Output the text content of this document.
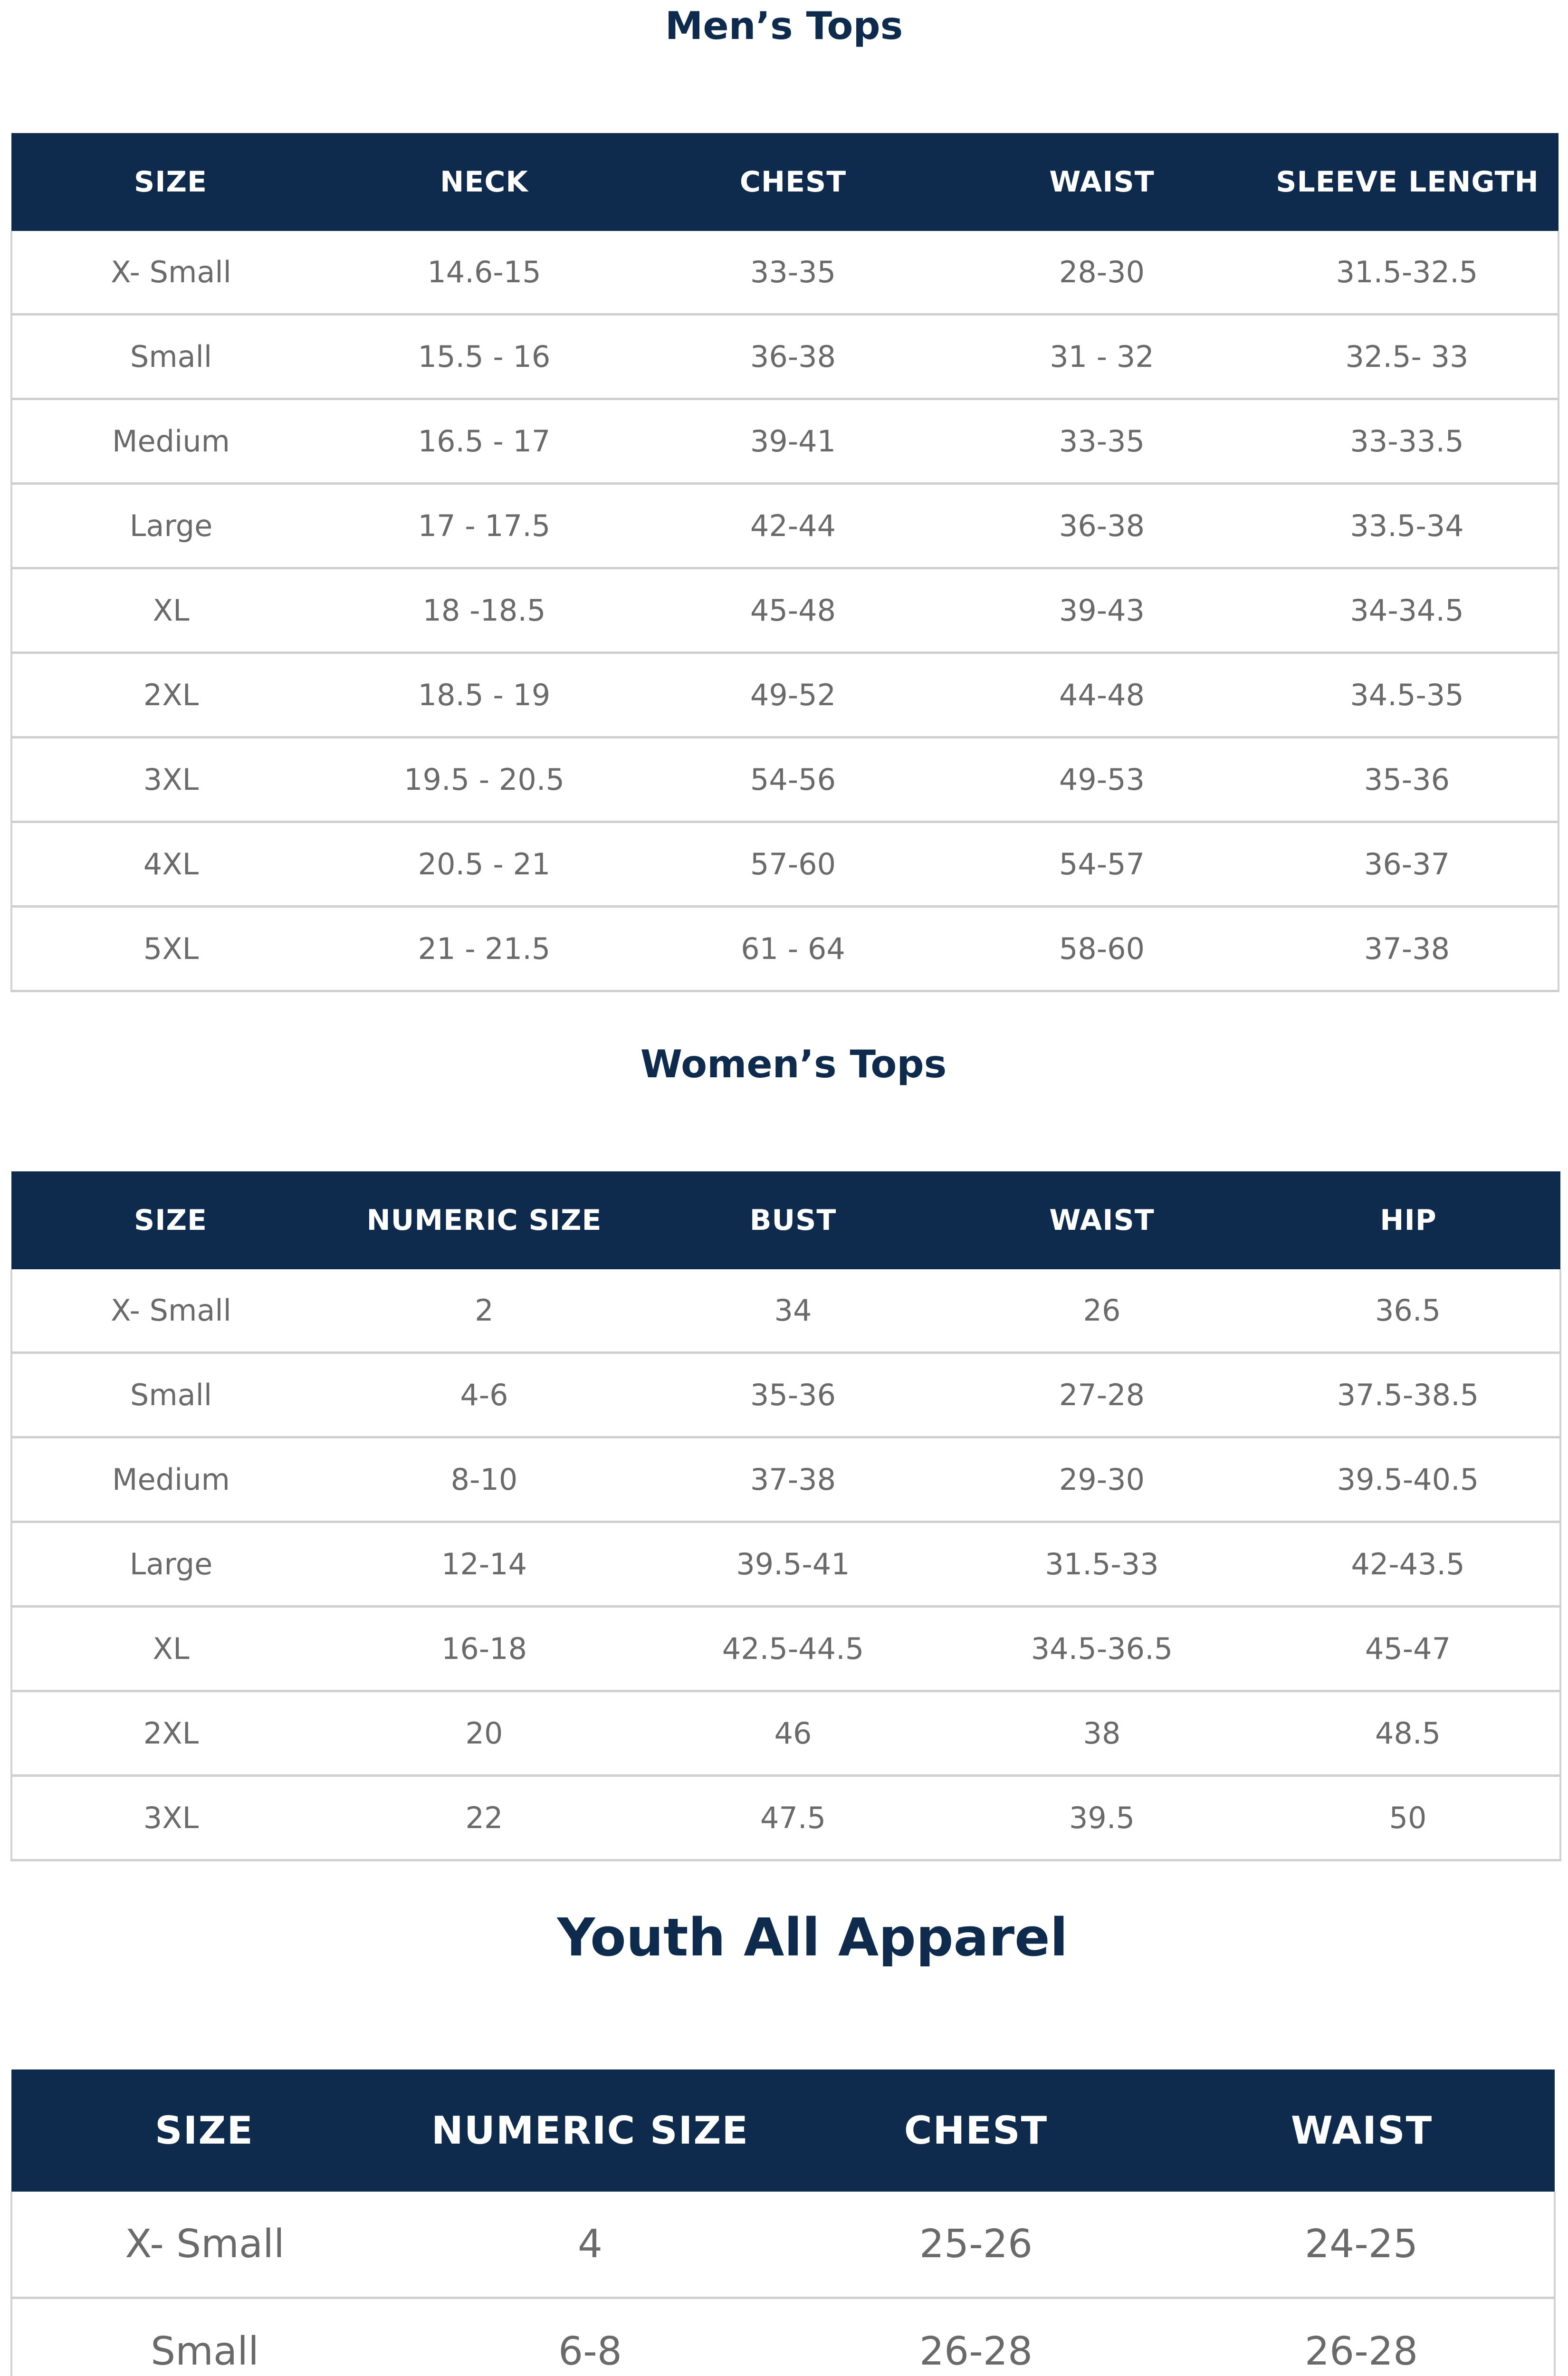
Men’s Tops
SIZE	NECK	CHEST	WAIST	SLEEVE LENGTH
X- Small	14.6-15	33-35	28-30	31.5-32.5
Small	15.5 - 16	36-38	31 - 32	32.5- 33
Medium	16.5 - 17	39-41	33-35	33-33.5
Large	17 - 17.5	42-44	36-38	33.5-34
XL	18 -18.5	45-48	39-43	34-34.5
2XL	18.5 - 19	49-52	44-48	34.5-35
3XL	19.5 - 20.5	54-56	49-53	35-36
4XL	20.5 - 21	57-60	54-57	36-37
5XL	21 - 21.5	61 - 64	58-60	37-38
Women’s Tops
SIZE	NUMERIC SIZE	BUST	WAIST	HIP
X- Small	2	34	26	36.5
Small	4-6	35-36	27-28	37.5-38.5
Medium	8-10	37-38	29-30	39.5-40.5
Large	12-14	39.5-41	31.5-33	42-43.5
XL	16-18	42.5-44.5	34.5-36.5	45-47
2XL	20	46	38	48.5
3XL	22	47.5	39.5	50
Youth All Apparel
SIZE	NUMERIC SIZE	CHEST	WAIST
X- Small	4	25-26	24-25
Small	6-8	26-28	26-28
